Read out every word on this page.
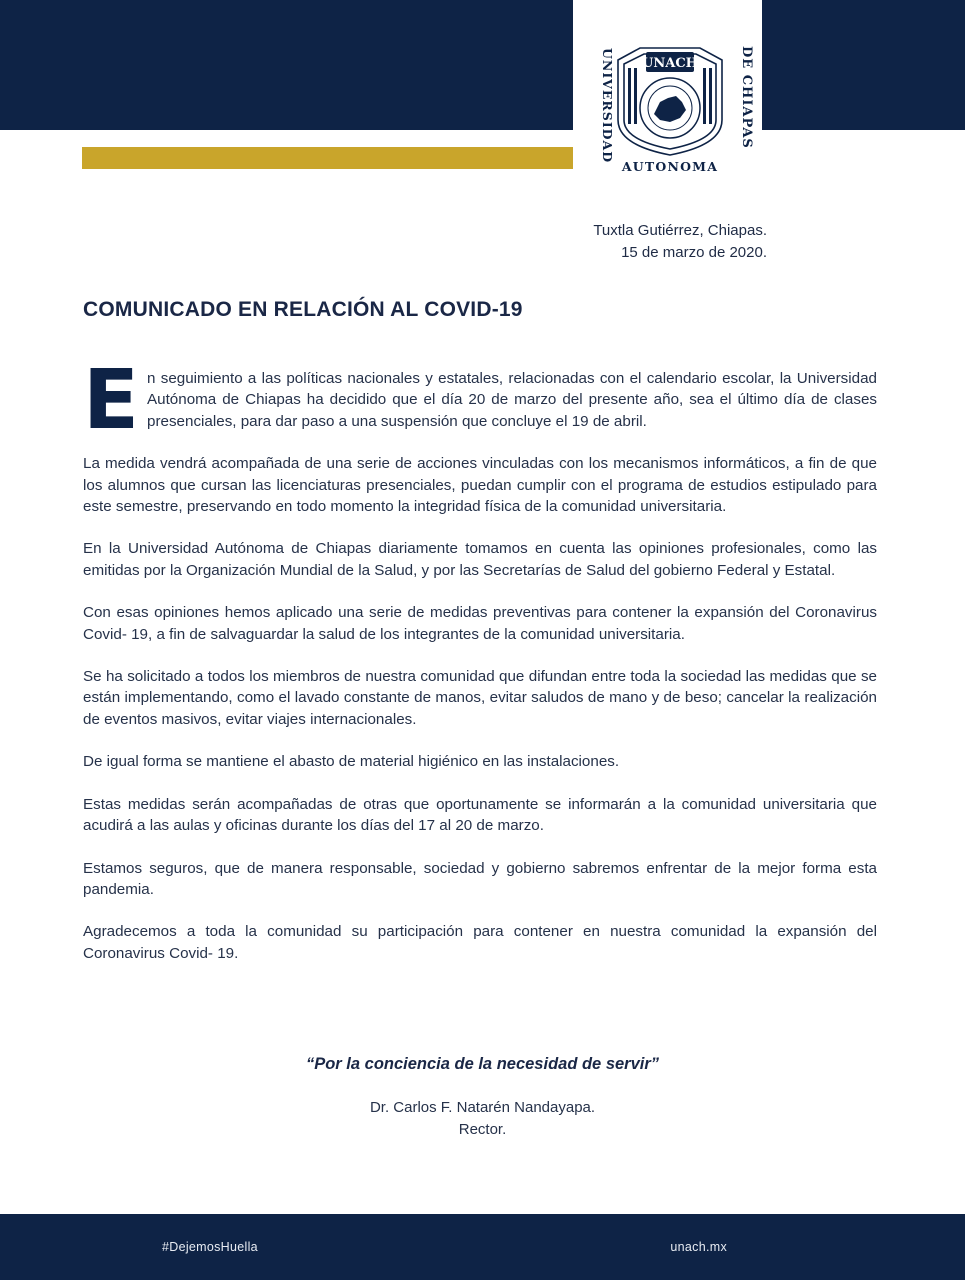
UNIVERSIDAD	DE CHIAPAS
UNACH
AUTONOMA
Tuxtla Gutiérrez, Chiapas.
15 de marzo de 2020.
COMUNICADO EN RELACIÓN AL COVID-19

En seguimiento a las políticas nacionales y estatales, relacionadas con el calendario escolar, la Universidad Autónoma de Chiapas ha decidido que el día 20 de marzo del presente año, sea el último día de clases presenciales, para dar paso a una suspensión que concluye el 19 de abril.

La medida vendrá acompañada de una serie de acciones vinculadas con los mecanismos informáticos, a fin de que los alumnos que cursan las licenciaturas presenciales, puedan cumplir con el programa de estudios estipulado para este semestre, preservando en todo momento la integridad física de la comunidad universitaria.

En la Universidad Autónoma de Chiapas diariamente tomamos en cuenta las opiniones profesionales, como las emitidas por la Organización Mundial de la Salud, y por las Secretarías de Salud del gobierno Federal y Estatal.

Con esas opiniones hemos aplicado una serie de medidas preventivas para contener la expansión del Coronavirus Covid- 19, a fin de salvaguardar la salud de los integrantes de la comunidad universitaria.

Se ha solicitado a todos los miembros de nuestra comunidad que difundan entre toda la sociedad las medidas que se están implementando, como el lavado constante de manos, evitar saludos de mano y de beso; cancelar la realización de eventos masivos, evitar viajes internacionales.

De igual forma se mantiene el abasto de material higiénico en las instalaciones.

Estas medidas serán acompañadas de otras que oportunamente se informarán a la comunidad universitaria que acudirá a las aulas y oficinas durante los días del 17 al 20 de marzo.

Estamos seguros, que de manera responsable, sociedad y gobierno sabremos enfrentar de la mejor forma esta pandemia.

Agradecemos a toda la comunidad su participación para contener en nuestra comunidad la expansión del Coronavirus Covid- 19.

“Por la conciencia de la necesidad de servir”
Dr. Carlos F. Natarén Nandayapa.
Rector.
#DejemosHuella	unach.mx
